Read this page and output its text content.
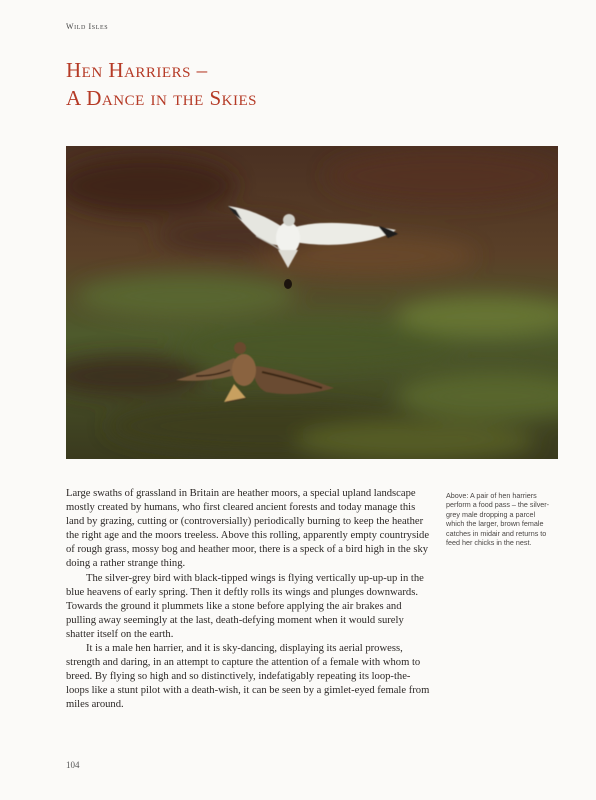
Wild Isles
Hen Harriers –
A Dance in the Skies

Large swaths of grassland in Britain are heather moors, a special upland landscape mostly created by humans, who first cleared ancient forests and today manage this land by grazing, cutting or (controversially) periodically burning to keep the heather the right age and the moors treeless. Above this rolling, apparently empty countryside of rough grass, mossy bog and heather moor, there is a speck of a bird high in the sky doing a rather strange thing.

The silver-grey bird with black-tipped wings is flying vertically up-up-up in the blue heavens of early spring. Then it deftly rolls its wings and plunges downwards. Towards the ground it plummets like a stone before applying the air brakes and pulling away seemingly at the last, death-defying moment when it would surely shatter itself on the earth.

It is a male hen harrier, and it is sky-dancing, displaying its aerial prowess, strength and daring, in an attempt to capture the attention of a female with whom to breed. By flying so high and so distinctively, indefatigably repeating its loop-the-loops like a stunt pilot with a death-wish, it can be seen by a gimlet-eyed female from miles around.

Above: A pair of hen harriers perform a food pass – the silver-grey male dropping a parcel which the larger, brown female catches in midair and returns to feed her chicks in the nest.

104
